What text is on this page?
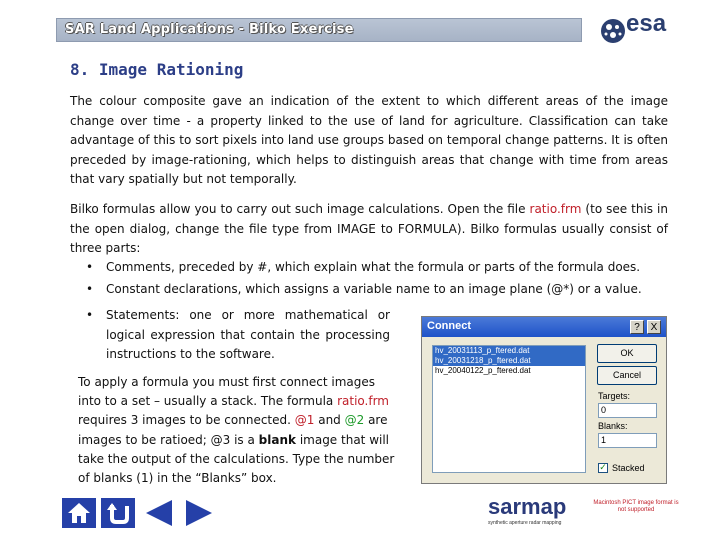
SAR Land Applications - Bilko Exercise	esa
8. Image Rationing
The colour composite gave an indication of the extent to which different areas of the image change over time - a property linked to the use of land for agriculture. Classification can take advantage of this to sort pixels into land use groups based on temporal change patterns. It is often preceded by image-rationing, which helps to distinguish areas that change with time from areas that vary spatially but not temporally.
Bilko formulas allow you to carry out such image calculations. Open the file ratio.frm (to see this in the open dialog, change the file type from IMAGE to FORMULA). Bilko formulas usually consist of three parts:
• Comments, preceded by #, which explain what the formula or parts of the formula does.
• Constant declarations, which assigns a variable name to an image plane (@*) or a value.
• Statements: one or more mathematical or logical expression that contain the processing instructions to the software.
To apply a formula you must first connect images into to a set – usually a stack. The formula ratio.frm requires 3 images to be connected. @1 and @2 are images to be ratioed; @3 is a blank image that will take the output of the calculations. Type the number of blanks (1) in the “Blanks” box.
Connect	?	X
hv_20031113_p_ftered.dat
hv_20031218_p_ftered.dat
hv_20040122_p_ftered.dat
OK
Cancel
Targets:
0
Blanks:
1
✓ Stacked
sarmap
synthetic aperture radar mapping
Macintosh PICT image format is not supported
